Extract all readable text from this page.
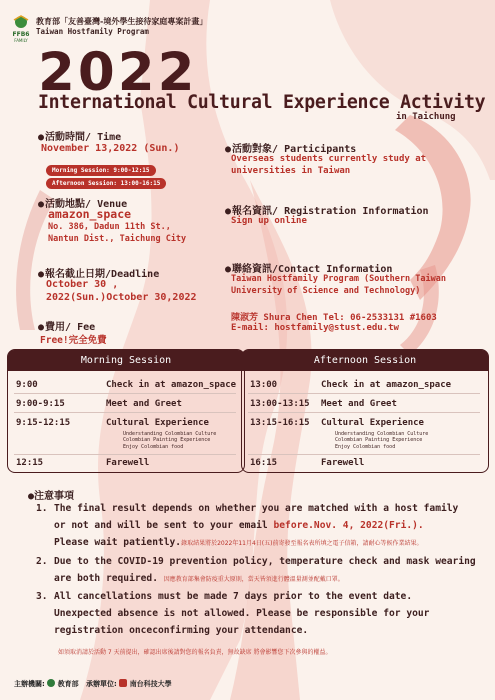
FFB6
FAMILY
教育部「友善臺灣-境外學生接待家庭專案計畫」
Taiwan Hostfamily Program
2022
International Cultural Experience Activity
in Taichung
●活動時間/ Time
November 13,2022 (Sun.)
Morning Session: 9:00-12:15
Afternoon Session: 13:00-16:15
●活動地點/ Venue
amazon_space
No. 386, Dadun 11th St.,
Nantun Dist., Taichung City
●報名截止日期/Deadline
October 30 ,
2022(Sun.)October 30,2022
●費用/ Fee
Free!完全免費
●活動對象/ Participants
Overseas students currently study at
universities in Taiwan
●報名資訊/ Registration Information
Sign up online
●聯絡資訊/Contact Information
Taiwan Hostfamily Program (Southern Taiwan
University of Science and Technology)
陳淑芳 Shura Chen Tel: 06-2533131 #1603
E-mail: hostfamily@stust.edu.tw
Morning Session
9:00	Check in at amazon_space
9:00-9:15	Meet and Greet
9:15-12:15	Cultural Experience
Understanding Colombian Culture
Colombian Painting Experience
Enjoy Colombian food
12:15	Farewell
Afternoon Session
13:00	Check in at amazon_space
13:00-13:15 Meet and Greet
13:15-16:15 Cultural Experience
Understanding Colombian Culture
Colombian Painting Experience
Enjoy Colombian food
16:15	Farewell
●注意事項
1. The final result depends on whether you are matched with a host family
or not and will be sent to your email before.Nov. 4, 2022(Fri.).
Please wait patiently.錄取結果將於2022年11月4日(五)前寄發至報名表所填之電子信箱，請耐心等候作業結果。
2. Due to the COVID-19 prevention policy, temperature check and mask wearing
are both required. 因應教育部集會防疫重大原則，當天皆須進行體溫量測並配戴口罩。
3. All cancellations must be made 7 days prior to the event date.
Unexpected absence is not allowed. Please be responsible for your
registration onceconfirming your attendance.
如須取消請於活動 7 天前提出，確認出席後請對您的報名負責，無故缺席 將會影響您下次參與的權益。
主辦機關: 教育部 承辦單位: 南台科技大學
